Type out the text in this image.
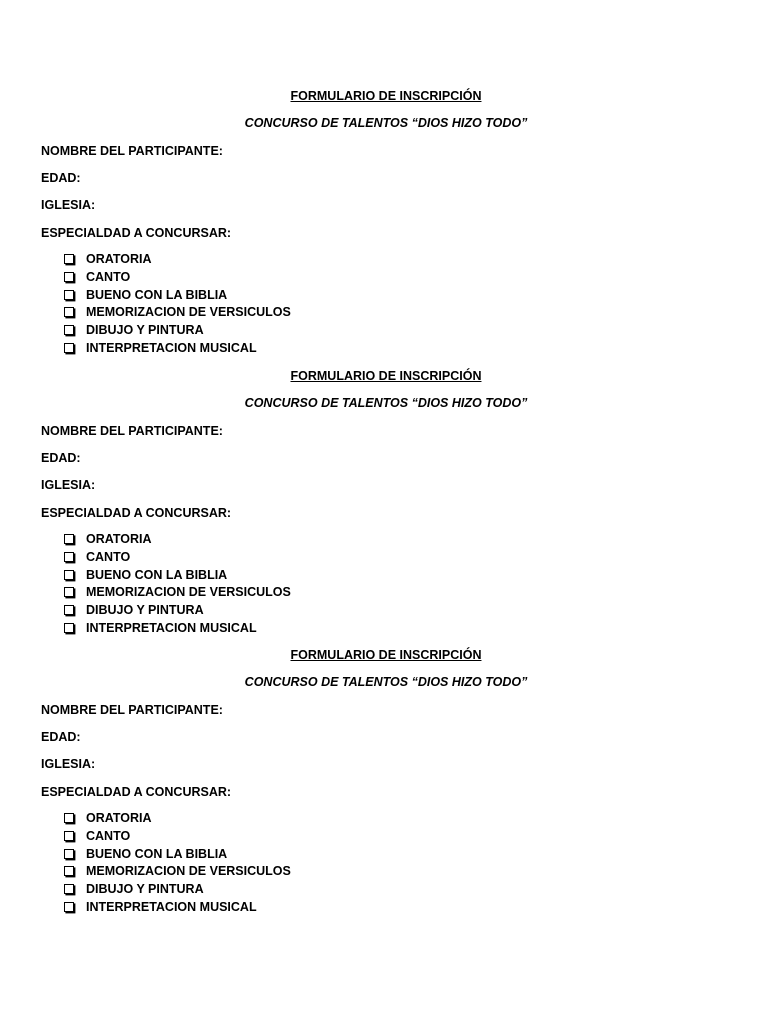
FORMULARIO DE INSCRIPCIÓN
CONCURSO DE TALENTOS “DIOS HIZO TODO”
NOMBRE DEL PARTICIPANTE:
EDAD:
IGLESIA:
ESPECIALDAD A CONCURSAR:
ORATORIA
CANTO
BUENO CON LA BIBLIA
MEMORIZACION DE VERSICULOS
DIBUJO Y PINTURA
INTERPRETACION MUSICAL
FORMULARIO DE INSCRIPCIÓN
CONCURSO DE TALENTOS “DIOS HIZO TODO”
NOMBRE DEL PARTICIPANTE:
EDAD:
IGLESIA:
ESPECIALDAD A CONCURSAR:
ORATORIA
CANTO
BUENO CON LA BIBLIA
MEMORIZACION DE VERSICULOS
DIBUJO Y PINTURA
INTERPRETACION MUSICAL
FORMULARIO DE INSCRIPCIÓN
CONCURSO DE TALENTOS “DIOS HIZO TODO”
NOMBRE DEL PARTICIPANTE:
EDAD:
IGLESIA:
ESPECIALDAD A CONCURSAR:
ORATORIA
CANTO
BUENO CON LA BIBLIA
MEMORIZACION DE VERSICULOS
DIBUJO Y PINTURA
INTERPRETACION MUSICAL
